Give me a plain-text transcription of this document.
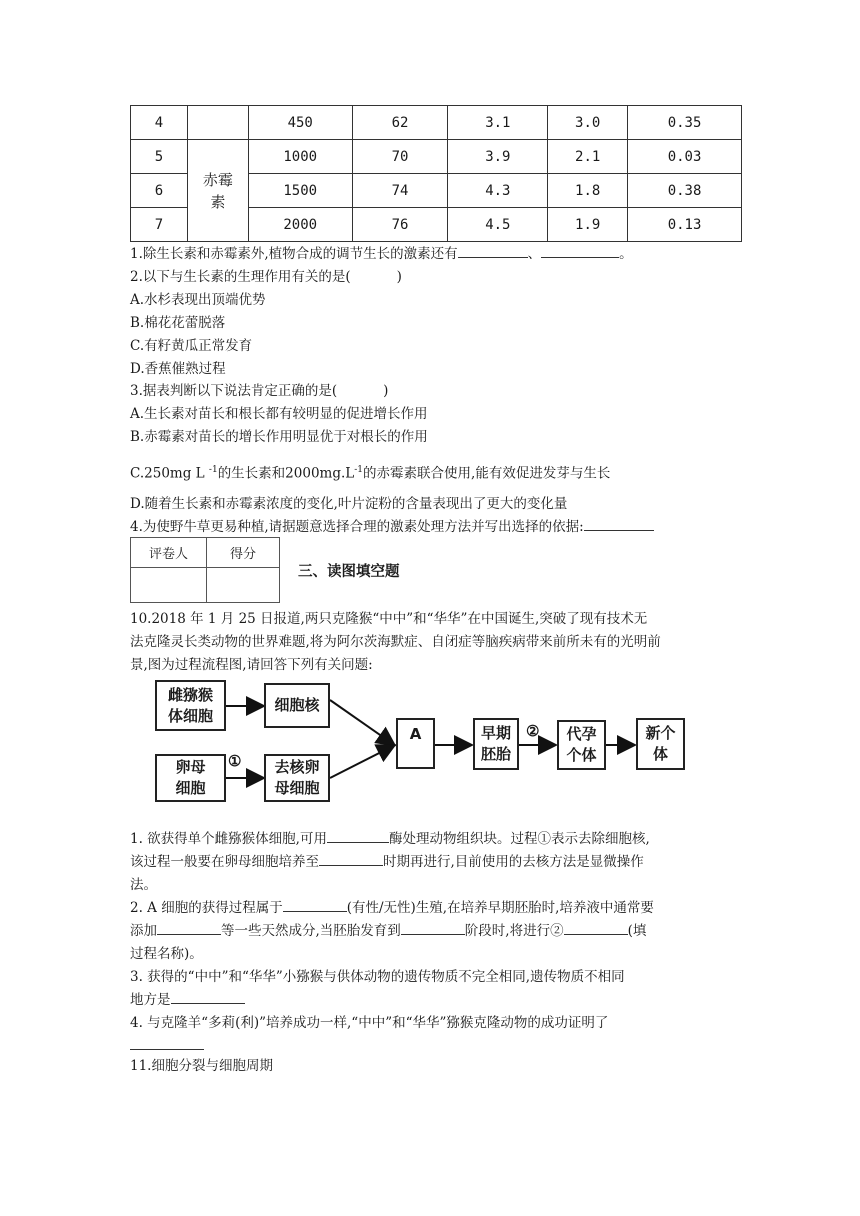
4		450	62	3.1	3.0	0.35
5	赤霉素	1000	70	3.9	2.1	0.03
6		1500	74	4.3	1.8	0.38
7		2000	76	4.5	1.9	0.13
1.除生长素和赤霉素外,植物合成的调节生长的激素还有	、	。
2.以下与生长素的生理作用有关的是(	)
A.水杉表现出顶端优势
B.棉花花蕾脱落
C.有籽黄瓜正常发育
D.香蕉催熟过程
3.据表判断以下说法肯定正确的是(	)
A.生长素对苗长和根长都有较明显的促进增长作用
B.赤霉素对苗长的增长作用明显优于对根长的作用
C.250mg L $^{-1}$的生长素和$2000mg.L^{-1}$的赤霉素联合使用,能有效促进发芽与生长
D.随着生长素和赤霉素浓度的变化,叶片淀粉的含量表现出了更大的变化量
4.为使野牛草更易种植,请据题意选择合理的激素处理方法并写出选择的依据:
评卷人	得分

三、读图填空题
10.2018 年 1 月 25 日报道,两只克隆猴“中中”和“华华”在中国诞生,突破了现有技术无
法克隆灵长类动物的世界难题,将为阿尔茨海默症、自闭症等脑疾病带来前所未有的光明前
景,图为过程流程图,请回答下列有关问题:
雌猕猴
体细胞
细胞核
卵母
细胞
① 去核卵
母细胞
A	早期
胚胎
② 代孕
个体
新个
体
1. 欲获得单个雌猕猴体细胞,可用	酶处理动物组织块。过程①表示去除细胞核,
该过程一般要在卵母细胞培养至	时期再进行,目前使用的去核方法是显微操作
法。
2. A 细胞的获得过程属于	(有性/无性)生殖,在培养早期胚胎时,培养液中通常要
添加	等一些天然成分,当胚胎发育到	阶段时,将进行②	(填
过程名称)。
3. 获得的“中中”和“华华”小猕猴与供体动物的遗传物质不完全相同,遗传物质不相同
地方是
4. 与克隆羊“多莉(利)”培养成功一样,“中中”和“华华”猕猴克隆动物的成功证明了
11.细胞分裂与细胞周期
